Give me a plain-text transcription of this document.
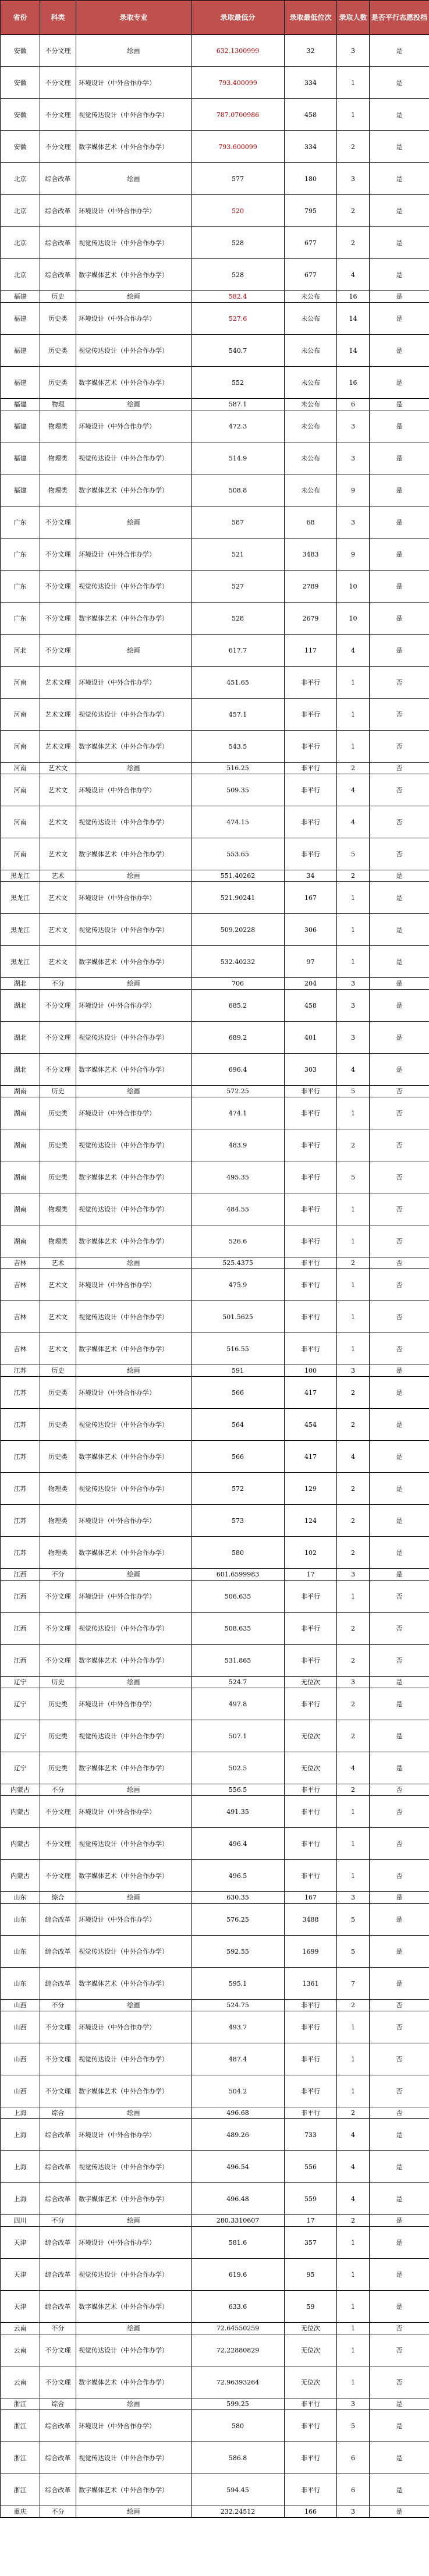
省份	科类	录取专业	录取最低分	录取最低位次	录取人数	是否平行志愿投档
安徽	不分文理	绘画	632.1300999	32	3	是
安徽	不分文理	环境设计（中外合作办学）	793.400099	334	1	是
安徽	不分文理	视觉传达设计（中外合作办学）	787.0700986	458	1	是
安徽	不分文理	数字媒体艺术（中外合作办学）	793.600099	334	2	是
北京	综合改革	绘画	577	180	3	是
北京	综合改革	环境设计（中外合作办学）	520	795	2	是
北京	综合改革	视觉传达设计（中外合作办学）	528	677	2	是
北京	综合改革	数字媒体艺术（中外合作办学）	528	677	4	是
福建	历史	绘画	582.4	未公布	16	是
福建	历史类	环境设计（中外合作办学）	527.6	未公布	14	是
福建	历史类	视觉传达设计（中外合作办学）	540.7	未公布	14	是
福建	历史类	数字媒体艺术（中外合作办学）	552	未公布	16	是
福建	物理	绘画	587.1	未公布	6	是
福建	物理类	环境设计（中外合作办学）	472.3	未公布	3	是
福建	物理类	视觉传达设计（中外合作办学）	514.9	未公布	3	是
福建	物理类	数字媒体艺术（中外合作办学）	508.8	未公布	9	是
广东	不分文理	绘画	587	68	3	是
广东	不分文理	环境设计（中外合作办学）	521	3483	9	是
广东	不分文理	视觉传达设计（中外合作办学）	527	2789	10	是
广东	不分文理	数字媒体艺术（中外合作办学）	528	2679	10	是
河北	不分文理	绘画	617.7	117	4	是
河南	艺术文理	环境设计（中外合作办学）	451.65	非平行	1	否
河南	艺术文理	视觉传达设计（中外合作办学）	457.1	非平行	1	否
河南	艺术文理	数字媒体艺术（中外合作办学）	543.5	非平行	1	否
河南	艺术文	绘画	516.25	非平行	2	否
河南	艺术文	环境设计（中外合作办学）	509.35	非平行	4	否
河南	艺术文	视觉传达设计（中外合作办学）	474.15	非平行	4	否
河南	艺术文	数字媒体艺术（中外合作办学）	553.65	非平行	5	否
黑龙江	艺术	绘画	551.40262	34	2	是
黑龙江	艺术文	环境设计（中外合作办学）	521.90241	167	1	是
黑龙江	艺术文	视觉传达设计（中外合作办学）	509.20228	306	1	是
黑龙江	艺术文	数字媒体艺术（中外合作办学）	532.40232	97	1	是
湖北	不分	绘画	706	204	3	是
湖北	不分文理	环境设计（中外合作办学）	685.2	458	3	是
湖北	不分文理	视觉传达设计（中外合作办学）	689.2	401	3	是
湖北	不分文理	数字媒体艺术（中外合作办学）	696.4	303	4	是
湖南	历史	绘画	572.25	非平行	5	否
湖南	历史类	环境设计（中外合作办学）	474.1	非平行	1	否
湖南	历史类	视觉传达设计（中外合作办学）	483.9	非平行	2	否
湖南	历史类	数字媒体艺术（中外合作办学）	495.35	非平行	5	否
湖南	物理类	视觉传达设计（中外合作办学）	484.55	非平行	1	否
湖南	物理类	数字媒体艺术（中外合作办学）	526.6	非平行	1	否
吉林	艺术	绘画	525.4375	非平行	2	否
吉林	艺术文	环境设计（中外合作办学）	475.9	非平行	1	否
吉林	艺术文	视觉传达设计（中外合作办学）	501.5625	非平行	1	否
吉林	艺术文	数字媒体艺术（中外合作办学）	516.55	非平行	1	否
江苏	历史	绘画	591	100	3	是
江苏	历史类	环境设计（中外合作办学）	566	417	2	是
江苏	历史类	视觉传达设计（中外合作办学）	564	454	2	是
江苏	历史类	数字媒体艺术（中外合作办学）	566	417	4	是
江苏	物理类	视觉传达设计（中外合作办学）	572	129	2	是
江苏	物理类	环境设计（中外合作办学）	573	124	2	是
江苏	物理类	数字媒体艺术（中外合作办学）	580	102	2	是
江西	不分	绘画	601.6599983	17	3	是
江西	不分文理	环境设计（中外合作办学）	506.635	非平行	1	否
江西	不分文理	视觉传达设计（中外合作办学）	508.635	非平行	2	否
江西	不分文理	数字媒体艺术（中外合作办学）	531.865	非平行	2	否
辽宁	历史	绘画	524.7	无位次	3	是
辽宁	历史类	环境设计（中外合作办学）	497.8	非平行	2	是
辽宁	历史类	视觉传达设计（中外合作办学）	507.1	无位次	2	是
辽宁	历史类	数字媒体艺术（中外合作办学）	502.5	无位次	4	是
内蒙古	不分	绘画	556.5	非平行	2	否
内蒙古	不分文理	环境设计（中外合作办学）	491.35	非平行	1	否
内蒙古	不分文理	视觉传达设计（中外合作办学）	496.4	非平行	1	否
内蒙古	不分文理	数字媒体艺术（中外合作办学）	496.5	非平行	1	否
山东	综合	绘画	630.35	167	3	是
山东	综合改革	环境设计（中外合作办学）	576.25	3488	5	是
山东	综合改革	视觉传达设计（中外合作办学）	592.55	1699	5	是
山东	综合改革	数字媒体艺术（中外合作办学）	595.1	1361	7	是
山西	不分	绘画	524.75	非平行	2	否
山西	不分文理	环境设计（中外合作办学）	493.7	非平行	1	否
山西	不分文理	视觉传达设计（中外合作办学）	487.4	非平行	1	否
山西	不分文理	数字媒体艺术（中外合作办学）	504.2	非平行	1	否
上海	综合	绘画	496.68	非平行	2	否
上海	综合改革	环境设计（中外合作办学）	489.26	733	4	是
上海	综合改革	视觉传达设计（中外合作办学）	496.54	556	4	是
上海	综合改革	数字媒体艺术（中外合作办学）	496.48	559	4	是
四川	不分	绘画	280.3310607	17	2	是
天津	综合改革	环境设计（中外合作办学）	581.6	357	1	是
天津	综合改革	视觉传达设计（中外合作办学）	619.6	95	1	是
天津	综合改革	数字媒体艺术（中外合作办学）	633.6	59	1	是
云南	不分	绘画	72.64550259	无位次	1	否
云南	不分文理	视觉传达设计（中外合作办学）	72.22880829	无位次	1	否
云南	不分文理	数字媒体艺术（中外合作办学）	72.96393264	无位次	1	否
浙江	综合	绘画	599.25	非平行	3	是
浙江	综合改革	环境设计（中外合作办学）	580	非平行	5	是
浙江	综合改革	视觉传达设计（中外合作办学）	586.8	非平行	6	是
浙江	综合改革	数字媒体艺术（中外合作办学）	594.45	非平行	6	是
重庆	不分	绘画	232.24512	166	3	是
